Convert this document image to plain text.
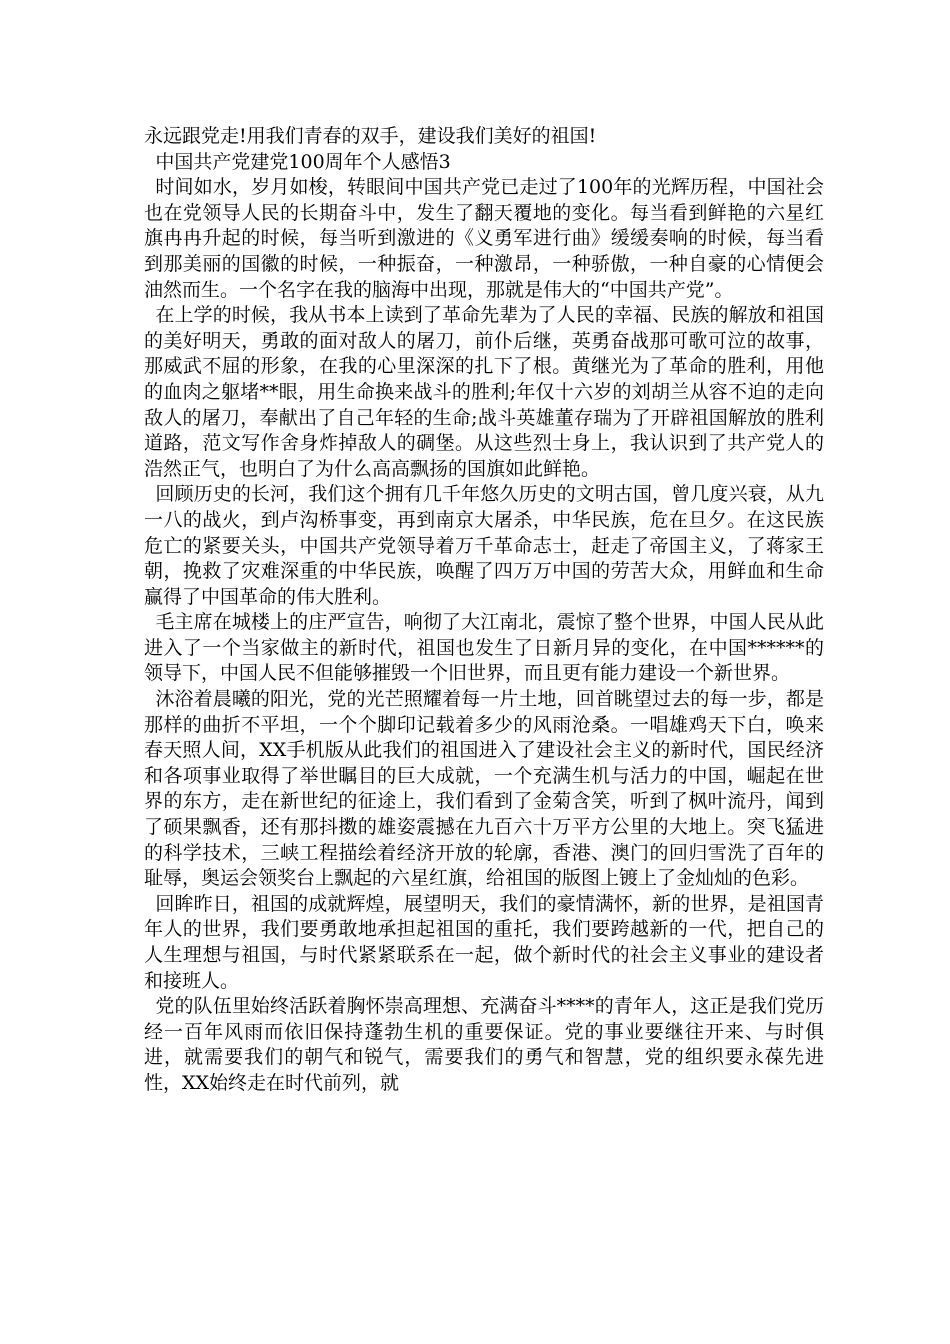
永远跟党走!用我们青春的双手，建设我们美好的祖国!

中国共产党建党100周年个人感悟3

时间如水，岁月如梭，转眼间中国共产党已走过了100年的光辉历程，中国社会也在党领导人民的长期奋斗中，发生了翻天覆地的变化。每当看到鲜艳的六星红旗冉冉升起的时候，每当听到激进的《义勇军进行曲》缓缓奏响的时候，每当看到那美丽的国徽的时候，一种振奋，一种激昂，一种骄傲，一种自豪的心情便会油然而生。一个名字在我的脑海中出现，那就是伟大的“中国共产党”。

在上学的时候，我从书本上读到了革命先辈为了人民的幸福、民族的解放和祖国的美好明天，勇敢的面对敌人的屠刀，前仆后继，英勇奋战那可歌可泣的故事，那威武不屈的形象，在我的心里深深的扎下了根。黄继光为了革命的胜利，用他的血肉之躯堵**眼，用生命换来战斗的胜利;年仅十六岁的刘胡兰从容不迫的走向敌人的屠刀，奉献出了自己年轻的生命;战斗英雄董存瑞为了开辟祖国解放的胜利道路，范文写作舍身炸掉敌人的碉堡。从这些烈士身上，我认识到了共产党人的浩然正气，也明白了为什么高高飘扬的国旗如此鲜艳。

回顾历史的长河，我们这个拥有几千年悠久历史的文明古国，曾几度兴衰，从九一八的战火，到卢沟桥事变，再到南京大屠杀，中华民族，危在旦夕。在这民族危亡的紧要关头，中国共产党领导着万千革命志士，赶走了帝国主义，了蒋家王朝，挽救了灾难深重的中华民族，唤醒了四万万中国的劳苦大众，用鲜血和生命赢得了中国革命的伟大胜利。

毛主席在城楼上的庄严宣告，响彻了大江南北，震惊了整个世界，中国人民从此进入了一个当家做主的新时代，祖国也发生了日新月异的变化，在中国******的领导下，中国人民不但能够摧毁一个旧世界，而且更有能力建设一个新世界。

沐浴着晨曦的阳光，党的光芒照耀着每一片土地，回首眺望过去的每一步，都是那样的曲折不平坦，一个个脚印记载着多少的风雨沧桑。一唱雄鸡天下白，唤来春天照人间，XX手机版从此我们的祖国进入了建设社会主义的新时代，国民经济和各项事业取得了举世瞩目的巨大成就，一个充满生机与活力的中国，崛起在世界的东方，走在新世纪的征途上，我们看到了金菊含笑，听到了枫叶流丹，闻到了硕果飘香，还有那抖擞的雄姿震撼在九百六十万平方公里的大地上。突飞猛进的科学技术，三峡工程描绘着经济开放的轮廓，香港、澳门的回归雪洗了百年的耻辱，奥运会领奖台上飘起的六星红旗，给祖国的版图上镀上了金灿灿的色彩。

回眸昨日，祖国的成就辉煌，展望明天，我们的豪情满怀，新的世界，是祖国青年人的世界，我们要勇敢地承担起祖国的重托，我们要跨越新的一代，把自己的人生理想与祖国，与时代紧紧联系在一起，做个新时代的社会主义事业的建设者和接班人。

党的队伍里始终活跃着胸怀崇高理想、充满奋斗****的青年人，这正是我们党历经一百年风雨而依旧保持蓬勃生机的重要保证。党的事业要继往开来、与时俱进，就需要我们的朝气和锐气，需要我们的勇气和智慧，党的组织要永葆先进性，XX始终走在时代前列，就
